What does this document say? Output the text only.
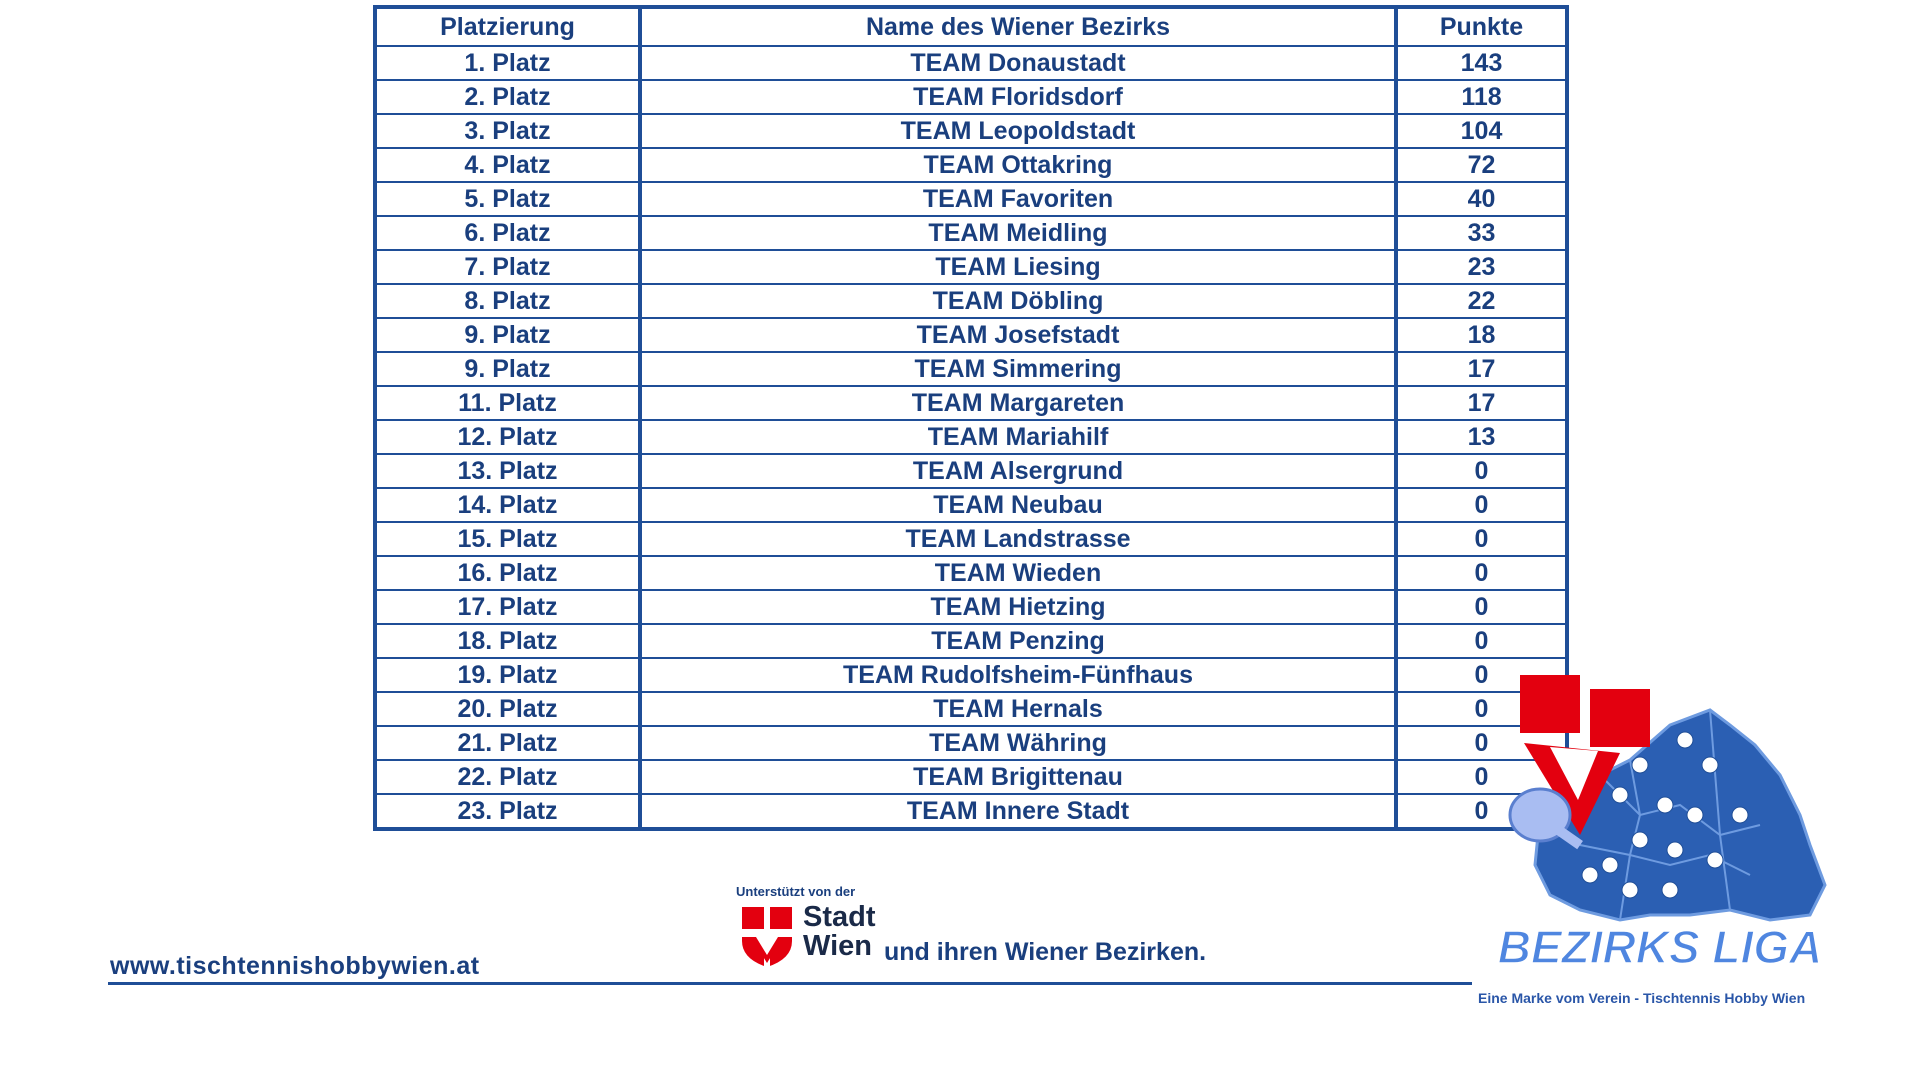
Platzierung	Name des Wiener Bezirks	Punkte
1. Platz	TEAM Donaustadt	143
2. Platz	TEAM Floridsdorf	118
3. Platz	TEAM Leopoldstadt	104
4. Platz	TEAM Ottakring	72
5. Platz	TEAM Favoriten	40
6. Platz	TEAM Meidling	33
7. Platz	TEAM Liesing	23
8. Platz	TEAM Döbling	22
9. Platz	TEAM Josefstadt	18
9. Platz	TEAM Simmering	17
11. Platz	TEAM Margareten	17
12. Platz	TEAM Mariahilf	13
13. Platz	TEAM Alsergrund	0
14. Platz	TEAM Neubau	0
15. Platz	TEAM Landstrasse	0
16. Platz	TEAM Wieden	0
17. Platz	TEAM Hietzing	0
18. Platz	TEAM Penzing	0
19. Platz	TEAM Rudolfsheim-Fünfhaus	0
20. Platz	TEAM Hernals	0
21. Platz	TEAM Währing	0
22. Platz	TEAM Brigittenau	0
23. Platz	TEAM Innere Stadt	0
Unterstützt von der
Stadt
Wien und ihren Wiener Bezirken.
www.tischtennishobbywien.at	BEZIRKS LIGA
Eine Marke vom Verein - Tischtennis Hobby Wien
